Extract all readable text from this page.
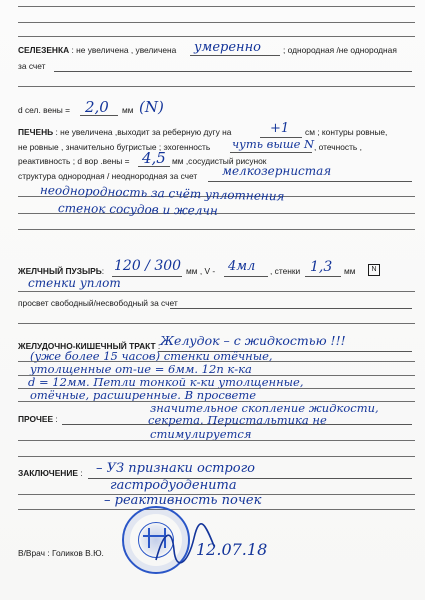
СЕЛЕЗЕНКА : не увеличена , увеличена умеренно	; однородная /не однородная
за счет
d сел. вены = 2,0 мм (N)
ПЕЧЕНЬ : не увеличена ,выходит за реберную дугу на	+1 см ; контуры ровные,
не ровные , значительно бугристые ; эхогенность чуть выше N , отечность ,
реактивность ; d вор .вены = 4,5 мм ,сосудистый рисунок
структура однородная / неоднородная за счет мелкозернистая
неоднородность за счёт уплотнения
стенок сосудов и желчн
ЖЕЛЧНЫЙ ПУЗЫРЬ: 120 / 300 мм , V - 4мл , стенки 1,3 мм	N
стенки уплот
просвет свободный/несвободный за счет
ЖЕЛУДОЧНО-КИШЕЧНЫЙ ТРАКТ : Желудок – с жидкостью !!!
(уже более 15 часов) стенки отёчные,
утолщенные от-ие = 6мм. 12п к-ка
d = 12мм. Петли тонкой к-ки утолщенные,
отёчные, расширенные. В просвете
значительное скопление жидкости,
ПРОЧЕЕ :	секрета. Перистальтика не
стимулируется
ЗАКЛЮЧЕНИЕ : – УЗ признаки острого
гастродуоденита
– реактивность почек
В/Врач : Голиков В.Ю.	12.07.18
